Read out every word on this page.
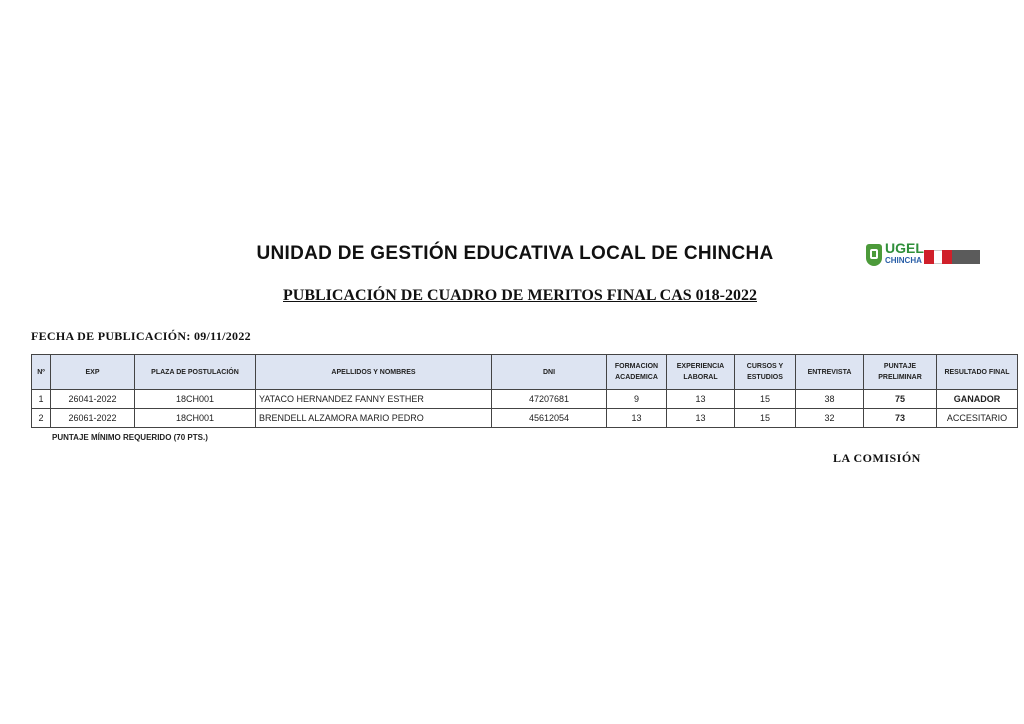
UNIDAD DE GESTIÓN EDUCATIVA LOCAL DE CHINCHA	UGEL
CHINCHA
PUBLICACIÓN DE CUADRO DE MERITOS FINAL CAS 018-2022
FECHA DE PUBLICACIÓN: 09/11/2022
Nº	EXP	PLAZA DE POSTULACIÓN	APELLIDOS Y NOMBRES	DNI	FORMACION ACADEMICA	EXPERIENCIA LABORAL	CURSOS Y ESTUDIOS	ENTREVISTA	PUNTAJE PRELIMINAR	RESULTADO FINAL
1	26041-2022	18CH001	YATACO HERNANDEZ FANNY ESTHER	47207681	9	13	15	38	75	GANADOR
2	26061-2022	18CH001	BRENDELL ALZAMORA MARIO PEDRO	45612054	13	13	15	32	73	ACCESITARIO
PUNTAJE MÍNIMO REQUERIDO (70 PTS.)
LA COMISIÓN
